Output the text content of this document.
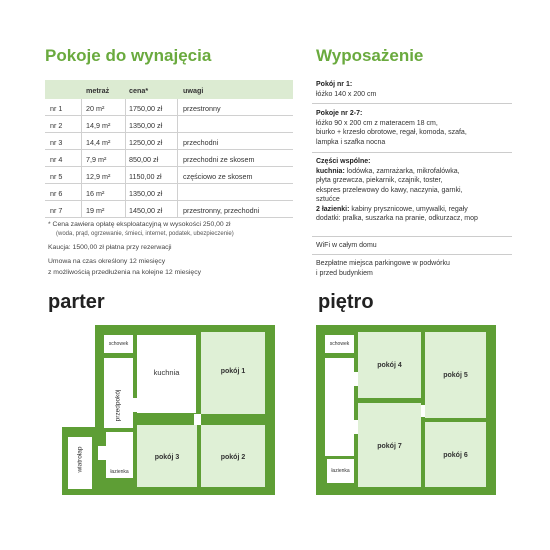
Pokoje do wynajęcia
metraż	cena*	uwagi
nr 1	20 m²	1750,00 zł	przestronny
nr 2	14,9 m²	1350,00 zł
nr 3	14,4 m²	1250,00 zł	przechodni
nr 4	7,9 m²	850,00 zł	przechodni ze skosem
nr 5	12,9 m²	1150,00 zł	częściowo ze skosem
nr 6	16 m²	1350,00 zł
nr 7	19 m²	1450,00 zł	przestronny, przechodni
* Cena zawiera opłatę eksploatacyjną w wysokości 250,00 zł
(woda, prąd, ogrzewanie, śmieci, internet, podatek, ubezpieczenie)
Kaucja: 1500,00 zł płatna przy rezerwacji
Umowa na czas określony 12 miesięcy
z możliwością przedłużenia na kolejne 12 miesięcy
Wyposażenie
Pokój nr 1:
łóżko 140 x 200 cm
Pokoje nr 2-7:
łóżko 90 x 200 cm z materacem 18 cm,
biurko + krzesło obrotowe, regał, komoda, szafa,
lampka i szafka nocna
Części wspólne:
kuchnia: lodówka, zamrażarka, mikrofalówka,
płyta grzewcza, piekarnik, czajnik, toster,
ekspres przelewowy do kawy, naczynia, garnki,
sztućce
2 łazienki: kabiny prysznicowe, umywalki, regały
dodatki: pralka, suszarka na pranie, odkurzacz, mop
WiFi w całym domu
Bezpłatne miejsca parkingowe w podwórku
i przed budynkiem
parter
schowek
kuchnia	pokój 1
przedpokój
wiatrołap	łazienka
pokój 3	pokój 2
piętro
schowek
pokój 4
pokój 5
pokój 7
pokój 6
łazienka
